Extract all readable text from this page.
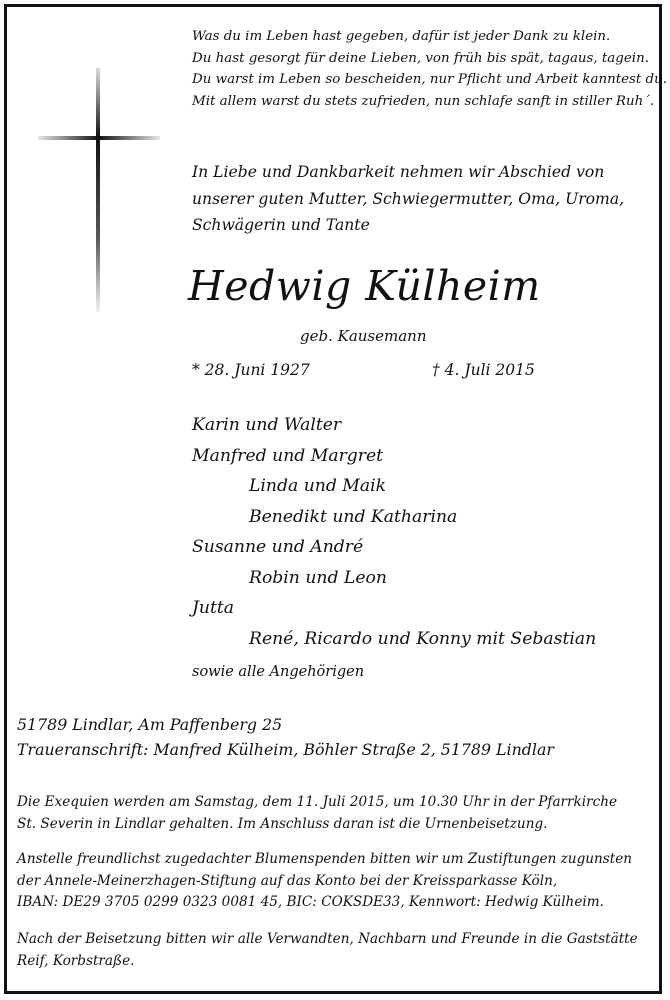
Was du im Leben hast gegeben, dafür ist jeder Dank zu klein.
Du hast gesorgt für deine Lieben, von früh bis spät, tagaus, tagein.
Du warst im Leben so bescheiden, nur Pflicht und Arbeit kanntest du.
Mit allem warst du stets zufrieden, nun schlafe sanft in stiller Ruh´.
In Liebe und Dankbarkeit nehmen wir Abschied von
unserer guten Mutter, Schwiegermutter, Oma, Uroma,
Schwägerin und Tante
Hedwig Külheim
geb. Kausemann
* 28. Juni 1927	† 4. Juli 2015
Karin und Walter
Manfred und Margret
Linda und Maik
Benedikt und Katharina
Susanne und André
Robin und Leon
Jutta
René, Ricardo und Konny mit Sebastian
sowie alle Angehörigen
51789 Lindlar, Am Paffenberg 25
Traueranschrift: Manfred Külheim, Böhler Straße 2, 51789 Lindlar
Die Exequien werden am Samstag, dem 11. Juli 2015, um 10.30 Uhr in der Pfarrkirche
St. Severin in Lindlar gehalten. Im Anschluss daran ist die Urnenbeisetzung.
Anstelle freundlichst zugedachter Blumenspenden bitten wir um Zustiftungen zugunsten
der Annele-Meinerzhagen-Stiftung auf das Konto bei der Kreissparkasse Köln,
IBAN: DE29 3705 0299 0323 0081 45, BIC: COKSDE33, Kennwort: Hedwig Külheim.
Nach der Beisetzung bitten wir alle Verwandten, Nachbarn und Freunde in die Gaststätte
Reif, Korbstraße.
